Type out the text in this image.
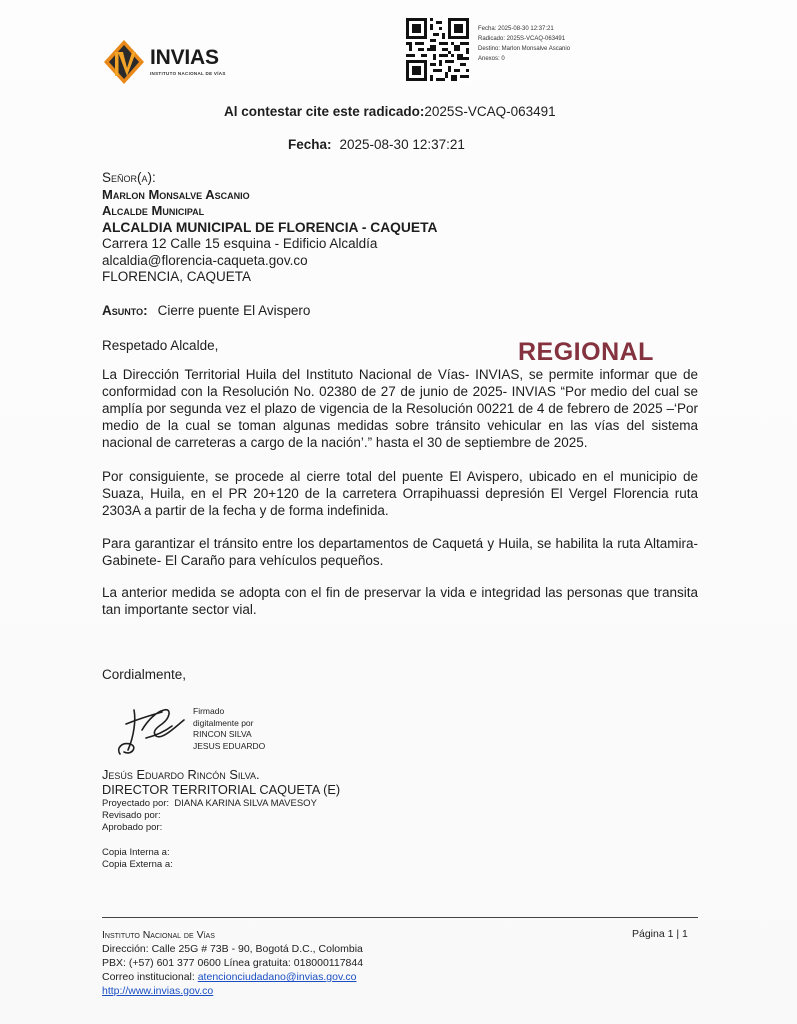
INVIAS
INSTITUTO NACIONAL DE VÍAS
Fecha: 2025-08-30 12:37:21
Radicado: 2025S-VCAQ-063491
Destino: Marlon Monsalve Ascanio
Anexos: 0
Al contestar cite este radicado:2025S-VCAQ-063491
Fecha: 2025-08-30 12:37:21
Señor(a):
Marlon Monsalve Ascanio
Alcalde Municipal
ALCALDIA MUNICIPAL DE FLORENCIA - CAQUETA
Carrera 12 Calle 15 esquina - Edificio Alcaldía
alcaldia@florencia-caqueta.gov.co
FLORENCIA, CAQUETA
Asunto: Cierre puente El Avispero
Respetado Alcalde,	REGIONAL
La Dirección Territorial Huila del Instituto Nacional de Vías- INVIAS, se permite informar que de conformidad con la Resolución No. 02380 de 27 de junio de 2025- INVIAS “Por medio del cual se amplía por segunda vez el plazo de vigencia de la Resolución 00221 de 4 de febrero de 2025 –‘Por medio de la cual se toman algunas medidas sobre tránsito vehicular en las vías del sistema nacional de carreteras a cargo de la nación’.” hasta el 30 de septiembre de 2025.
Por consiguiente, se procede al cierre total del puente El Avispero, ubicado en el municipio de Suaza, Huila, en el PR 20+120 de la carretera Orrapihuassi depresión El Vergel Florencia ruta 2303A a partir de la fecha y de forma indefinida.
Para garantizar el tránsito entre los departamentos de Caquetá y Huila, se habilita la ruta Altamira- Gabinete- El Caraño para vehículos pequeños.
La anterior medida se adopta con el fin de preservar la vida e integridad las personas que transita tan importante sector vial.
Cordialmente,
Firmado
digitalmente por
RINCON SILVA
JESUS EDUARDO
Jesús Eduardo Rincón Silva.
DIRECTOR TERRITORIAL CAQUETA (E)
Proyectado por: DIANA KARINA SILVA MAVESOY
Revisado por:
Aprobado por:
Copia Interna a:
Copia Externa a:
Instituto Nacional de Vías
Dirección: Calle 25G # 73B - 90, Bogotá D.C., Colombia
PBX: (+57) 601 377 0600 Línea gratuita: 018000117844
Correo institucional: atencionciudadano@invias.gov.co
http://www.invias.gov.co
Página 1 | 1
